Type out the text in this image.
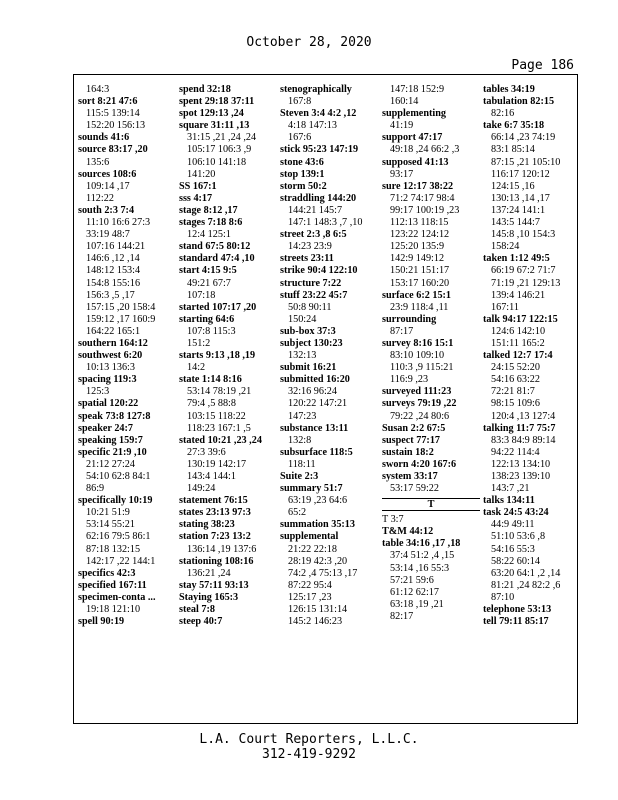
October 28, 2020
Page 186
164:3
sort 8:21 47:6
115:5 139:14
152:20 156:13
sounds 41:6
source 83:17 ,20
135:6
sources 108:6
109:14 ,17
112:22
south 2:3 7:4
11:10 16:6 27:3
33:19 48:7
107:16 144:21
146:6 ,12 ,14
148:12 153:4
154:8 155:16
156:3 ,5 ,17
157:15 ,20 158:4
159:12 ,17 160:9
164:22 165:1
southern 164:12
southwest 6:20
10:13 136:3
spacing 119:3
125:3
spatial 120:22
speak 73:8 127:8
speaker 24:7
speaking 159:7
specific 21:9 ,10
21:12 27:24
54:10 62:8 84:1
86:9
specifically 10:19
10:21 51:9
53:14 55:21
62:16 79:5 86:1
87:18 132:15
142:17 ,22 144:1
specifics 42:3
specified 167:11
specimen-conta ...
19:18 121:10
spell 90:19
spend 32:18
spent 29:18 37:11
spot 129:13 ,24
square 31:11 ,13
31:15 ,21 ,24 ,24
105:17 106:3 ,9
106:10 141:18
141:20
SS 167:1
sss 4:17
stage 8:12 ,17
stages 7:18 8:6
12:4 125:1
stand 67:5 80:12
standard 47:4 ,10
start 4:15 9:5
49:21 67:7
107:18
started 107:17 ,20
starting 64:6
107:8 115:3
151:2
starts 9:13 ,18 ,19
14:2
state 1:14 8:16
53:14 78:19 ,21
79:4 ,5 88:8
103:15 118:22
118:23 167:1 ,5
stated 10:21 ,23 ,24
27:3 39:6
130:19 142:17
143:4 144:1
149:24
statement 76:15
states 23:13 97:3
stating 38:23
station 7:23 13:2
136:14 ,19 137:6
stationing 108:16
136:21 ,24
stay 57:11 93:13
Staying 165:3
steal 7:8
steep 40:7
stenographically
167:8
Steven 3:4 4:2 ,12
4:18 147:13
167:6
stick 95:23 147:19
stone 43:6
stop 139:1
storm 50:2
straddling 144:20
144:21 145:7
147:1 148:3 ,7 ,10
street 2:3 ,8 6:5
14:23 23:9
streets 23:11
strike 90:4 122:10
structure 7:22
stuff 23:22 45:7
50:8 90:11
150:24
sub-box 37:3
subject 130:23
132:13
submit 16:21
submitted 16:20
32:16 96:24
120:22 147:21
147:23
substance 13:11
132:8
subsurface 118:5
118:11
Suite 2:3
summary 51:7
63:19 ,23 64:6
65:2
summation 35:13
supplemental
21:22 22:18
28:19 42:3 ,20
74:2 ,4 75:13 ,17
87:22 95:4
125:17 ,23
126:15 131:14
145:2 146:23
147:18 152:9
160:14
supplementing
41:19
support 47:17
49:18 ,24 66:2 ,3
supposed 41:13
93:17
sure 12:17 38:22
71:2 74:17 98:4
99:17 100:19 ,23
112:13 118:15
123:22 124:12
125:20 135:9
142:9 149:12
150:21 151:17
153:17 160:20
surface 6:2 15:1
23:9 118:4 ,11
surrounding
87:17
survey 8:16 15:1
83:10 109:10
110:3 ,9 115:21
116:9 ,23
surveyed 111:23
surveys 79:19 ,22
79:22 ,24 80:6
Susan 2:2 67:5
suspect 77:17
sustain 18:2
sworn 4:20 167:6
system 33:17
53:17 59:22
T
T 3:7
T&M 44:12
table 34:16 ,17 ,18
37:4 51:2 ,4 ,15
53:14 ,16 55:3
57:21 59:6
61:12 62:17
63:18 ,19 ,21
82:17
tables 34:19
tabulation 82:15
82:16
take 6:7 35:18
66:14 ,23 74:19
83:1 85:14
87:15 ,21 105:10
116:17 120:12
124:15 ,16
130:13 ,14 ,17
137:24 141:1
143:5 144:7
145:8 ,10 154:3
158:24
taken 1:12 49:5
66:19 67:2 71:7
71:19 ,21 129:13
139:4 146:21
167:11
talk 94:17 122:15
124:6 142:10
151:11 165:2
talked 12:7 17:4
24:15 52:20
54:16 63:22
72:21 81:7
98:15 109:6
120:4 ,13 127:4
talking 11:7 75:7
83:3 84:9 89:14
94:22 114:4
122:13 134:10
138:23 139:10
143:7 ,21
talks 134:11
task 24:5 43:24
44:9 49:11
51:10 53:6 ,8
54:16 55:3
58:22 60:14
63:20 64:1 ,2 ,14
81:21 ,24 82:2 ,6
87:10
telephone 53:13
tell 79:11 85:17
L.A. Court Reporters, L.L.C.
312-419-9292
